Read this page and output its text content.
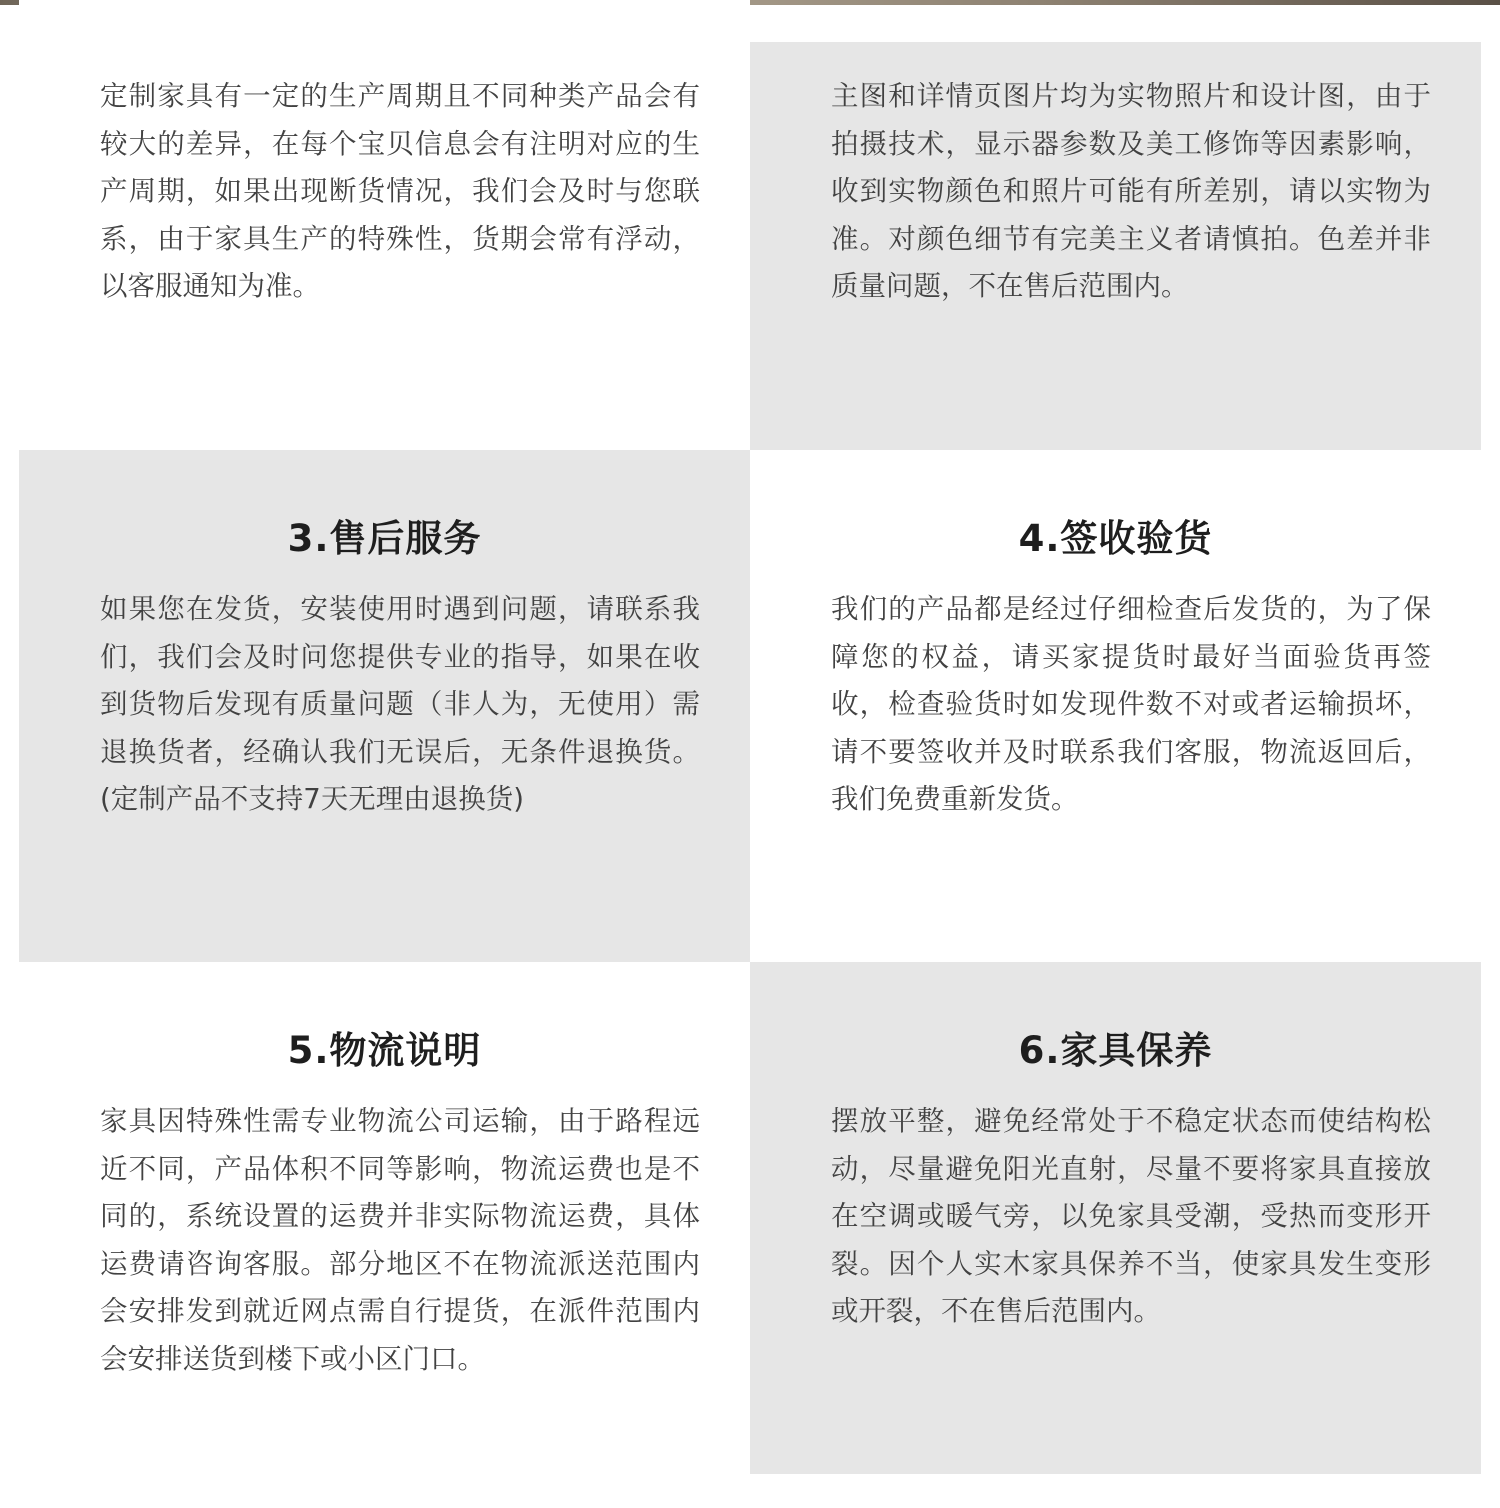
定制家具有一定的生产周期且不同种类产品会有较大的差异，在每个宝贝信息会有注明对应的生产周期，如果出现断货情况，我们会及时与您联系，由于家具生产的特殊性，货期会常有浮动，以客服通知为准。

主图和详情页图片均为实物照片和设计图，由于拍摄技术，显示器参数及美工修饰等因素影响，收到实物颜色和照片可能有所差别，请以实物为准。对颜色细节有完美主义者请慎拍。色差并非质量问题，不在售后范围内。

3.售后服务

如果您在发货，安装使用时遇到问题，请联系我们，我们会及时问您提供专业的指导，如果在收到货物后发现有质量问题（非人为，无使用）需退换货者，经确认我们无误后，无条件退换货。(定制产品不支持7天无理由退换货)

4.签收验货

我们的产品都是经过仔细检查后发货的，为了保障您的权益，请买家提货时最好当面验货再签收，检查验货时如发现件数不对或者运输损坏，请不要签收并及时联系我们客服，物流返回后，我们免费重新发货。

5.物流说明

家具因特殊性需专业物流公司运输，由于路程远近不同，产品体积不同等影响，物流运费也是不同的，系统设置的运费并非实际物流运费，具体运费请咨询客服。部分地区不在物流派送范围内会安排发到就近网点需自行提货，在派件范围内会安排送货到楼下或小区门口。

6.家具保养

摆放平整，避免经常处于不稳定状态而使结构松动，尽量避免阳光直射，尽量不要将家具直接放在空调或暖气旁，以免家具受潮，受热而变形开裂。因个人实木家具保养不当，使家具发生变形或开裂，不在售后范围内。
